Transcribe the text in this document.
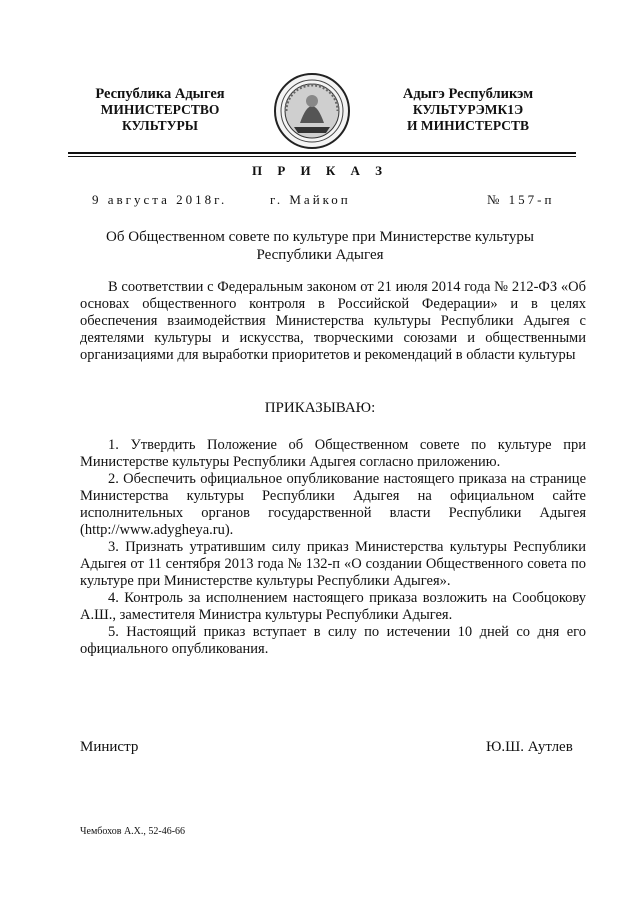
Республика Адыгея
МИНИСТЕРСТВО
КУЛЬТУРЫ
Адыгэ Республикэм
КУЛЬТУРЭМК1Э
И МИНИСТЕРСТВ
П Р И К А З
9 августа 2018г.	г. Майкоп	№ 157-п
Об Общественном совете по культуре при Министерстве культуры
Республики Адыгея
В соответствии с Федеральным законом от 21 июля 2014 года № 212-ФЗ «Об основах общественного контроля в Российской Федерации» и в целях обеспечения взаимодействия Министерства культуры Республики Адыгея с деятелями культуры и искусства, творческими союзами и общественными организациями для выработки приоритетов и рекомендаций в области культуры
ПРИКАЗЫВАЮ:

1. Утвердить Положение об Общественном совете по культуре при Министерстве культуры Республики Адыгея согласно приложению.

2. Обеспечить официальное опубликование настоящего приказа на странице Министерства культуры Республики Адыгея на официальном сайте исполнительных органов государственной власти Республики Адыгея (http://www.adygheya.ru).

3. Признать утратившим силу приказ Министерства культуры Республики Адыгея от 11 сентября 2013 года № 132-п «О создании Общественного совета по культуре при Министерстве культуры Республики Адыгея».

4. Контроль за исполнением настоящего приказа возложить на Сообцокову А.Ш., заместителя Министра культуры Республики Адыгея.

5. Настоящий приказ вступает в силу по истечении 10 дней со дня его официального опубликования.

Министр	Ю.Ш. Аутлев
Чембохов А.Х., 52-46-66
